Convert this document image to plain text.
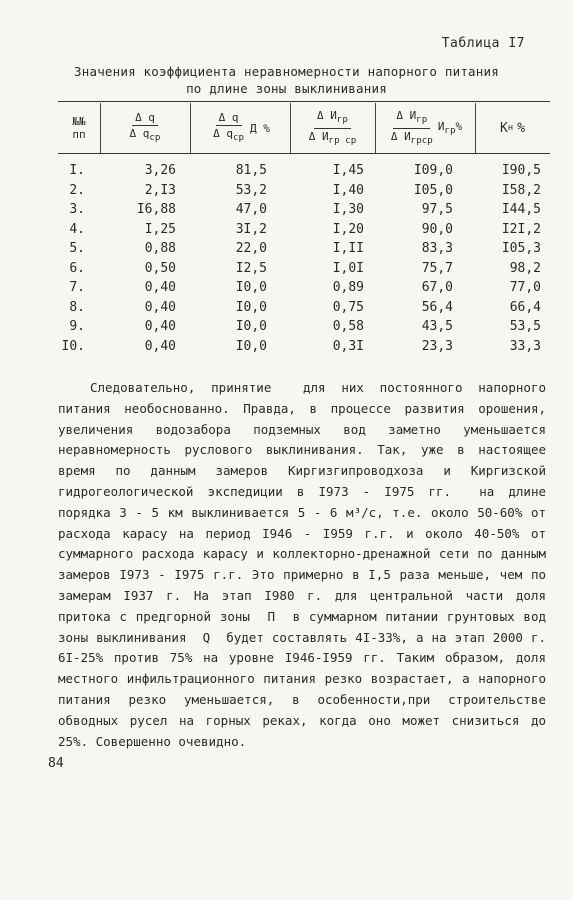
Таблица I7
Значения коэффициента неравномерности напорного питания
по длине зоны выклинивания
№№
пп	$\frac{\text{Δ q}}{\Delta q_{ср}}$	$\frac{\text{Δ q}}{\Delta q_{ср}}$ Д %	$\frac{\Delta И_{гр}}{\Delta И_{гр ср}}$	$\frac{\Delta И_{гр}}{\Delta И_{грср}} И_{гр}\%$	К н %
I.	3,26	81,5	I,45	I09,0	I90,5
2.	2,I3	53,2	I,40	I05,0	I58,2
3.	I6,88	47,0	I,30	97,5	I44,5
4.	I,25	3I,2	I,20	90,0	I2I,2
5.	0,88	22,0	I,II	83,3	I05,3
6.	0,50	I2,5	I,0I	75,7	98,2
7.	0,40	I0,0	0,89	67,0	77,0
8.	0,40	I0,0	0,75	56,4	66,4
9.	0,40	I0,0	0,58	43,5	53,5
I0.	0,40	I0,0	0,3I	23,3	33,3

Следовательно, принятие  для них постоянного напорного питания необоснованно. Правда, в процессе развития орошения, увеличения водозабора подземных вод заметно уменьшается неравномерность руслового выклинивания. Так, уже в настоящее время по данным замеров Киргизгипроводхоза и Киргизской гидрогеологической экспедиции в I973 - I975 гг.  на длине порядка 3 - 5 км выклинивается 5 - 6 м³/с, т.е. около 50-60% от расхода карасу на период I946 - I959 г.г. и около 40-50% от суммарного расхода карасу и коллекторно-дренажной сети по данным замеров I973 - I975 г.г. Это примерно в I,5 раза меньше, чем по замерам I937 г. На этап I980 г. для центральной части доля притока с предгорной зоны  П  в суммарном питании грунтовых вод зоны выклинивания  Q  будет составлять 4I-33%, а на этап 2000 г. 6I-25% против 75% на уровне I946-I959 гг. Таким образом, доля местного инфильтрационного питания резко возрастает, а напорного питания резко уменьшается, в особенности,при строительстве обводных русел на горных реках, когда оно может снизиться до 25%. Совершенно очевидно.

84
